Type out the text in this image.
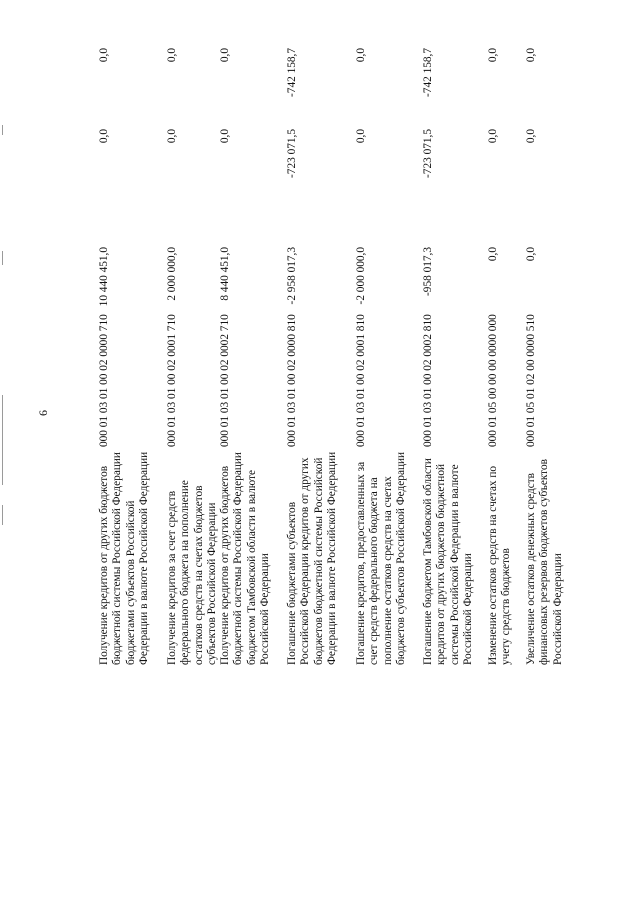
6
Получение кредитов от других бюджетов бюджетной системы Российской Федерации бюджетами субъектов Российской Федерации в валюте Российской Федерации
000 01 03 01 00 02 0000 710
10 440 451,0
0,0
0,0
Получение кредитов за счет средств федерального бюджета на пополнение остатков средств на счетах бюджетов субъектов Российской Федерации
000 01 03 01 00 02 0001 710
2 000 000,0
0,0
0,0
Получение кредитов от других бюджетов бюджетной системы Российской Федерации бюджетом Тамбовской области в валюте Российской Федерации
000 01 03 01 00 02 0002 710
8 440 451,0
0,0
0,0
Погашение бюджетами субъектов Российской Федерации кредитов от других бюджетов бюджетной системы Российской Федерации в валюте Российской Федерации
000 01 03 01 00 02 0000 810
-2 958 017,3
-723 071,5
-742 158,7
Погашение кредитов, предоставленных за счет средств федерального бюджета на пополнение остатков средств на счетах бюджетов субъектов Российской Федерации
000 01 03 01 00 02 0001 810
-2 000 000,0
0,0
0,0
Погашение бюджетом Тамбовской области кредитов от других бюджетов бюджетной системы Российской Федерации в валюте Российской Федерации
000 01 03 01 00 02 0002 810
-958 017,3
-723 071,5
-742 158,7
Изменение остатков средств на счетах по учету средств бюджетов
000 01 05 00 00 00 0000 000
0,0
0,0
0,0
Увеличение остатков денежных средств финансовых резервов бюджетов субъектов Российской Федерации
000 01 05 01 02 00 0000 510
0,0
0,0
0,0
